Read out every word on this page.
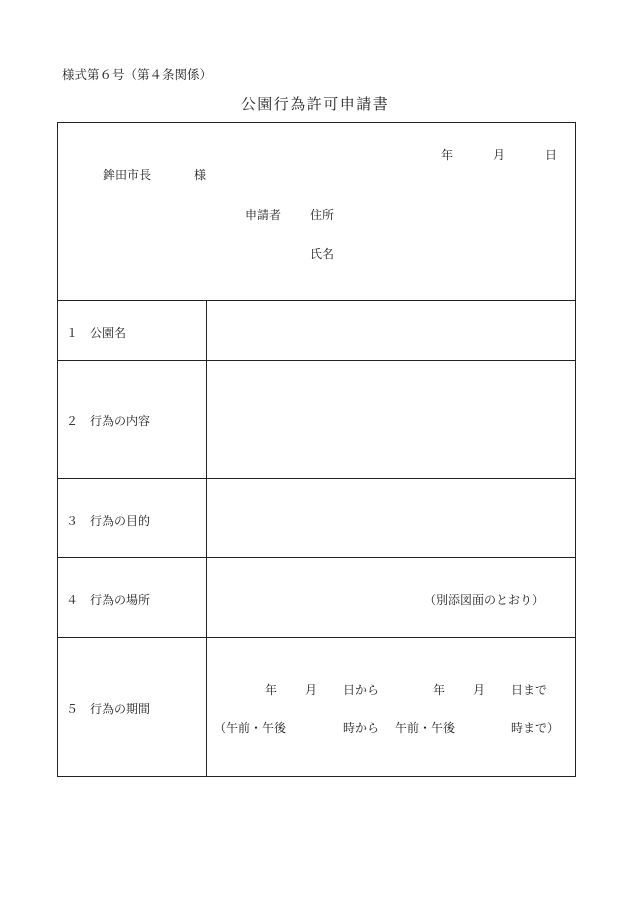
様式第６号（第４条関係）
公園行為許可申請書
年	月	日
鉾田市長	様
申請者 住所
氏名
１　公園名
２　行為の内容
３　行為の目的
４　行為の場所	（別添図面のとおり）
５　行為の期間
年 月 日から	年 月 日まで
（午前・午後	時から 午前・午後	時まで）
